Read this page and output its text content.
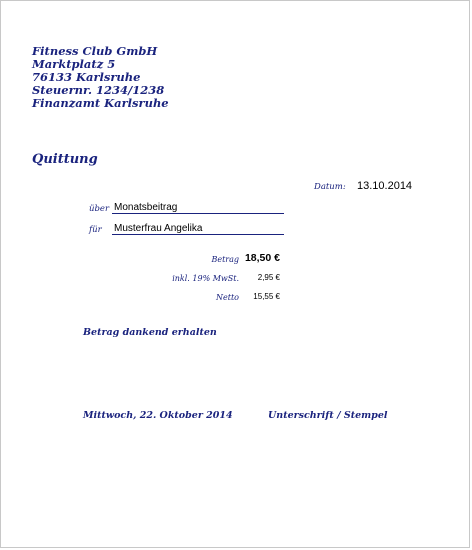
Fitness Club GmbH
Marktplatz 5
76133 Karlsruhe
Steuernr. 1234/1238
Finanzamt Karlsruhe
Quittung
Datum: 13.10.2014
über Monatsbeitrag
für Musterfrau Angelika
Betrag 18,50 €
inkl. 19% MwSt. 2,95 €
Netto 15,55 €
Betrag dankend erhalten
Mittwoch, 22. Oktober 2014	Unterschrift / Stempel
